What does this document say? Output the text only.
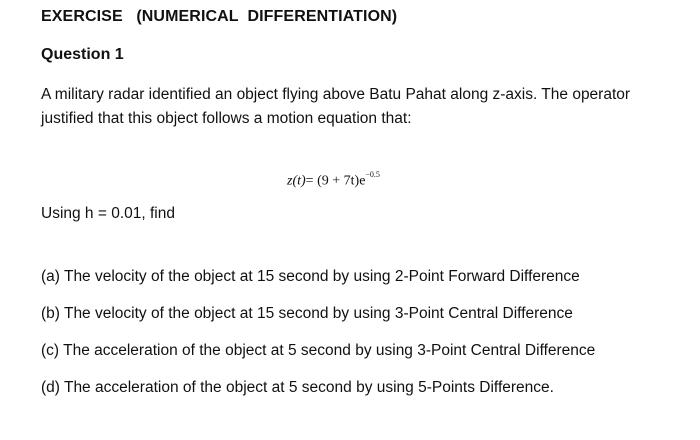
EXERCISE   (NUMERICAL  DIFFERENTIATION)
Question 1
A military radar identified an object flying above Batu Pahat along z-axis. The operator
justified that this object follows a motion equation that:
$z(t)= (9 + 7t)e^{-0.5}$
Using h = 0.01, find
(a) The velocity of the object at 15 second by using 2-Point Forward Difference
(b) The velocity of the object at 15 second by using 3-Point Central Difference
(c) The acceleration of the object at 5 second by using 3-Point Central Difference
(d) The acceleration of the object at 5 second by using 5-Points Difference.
